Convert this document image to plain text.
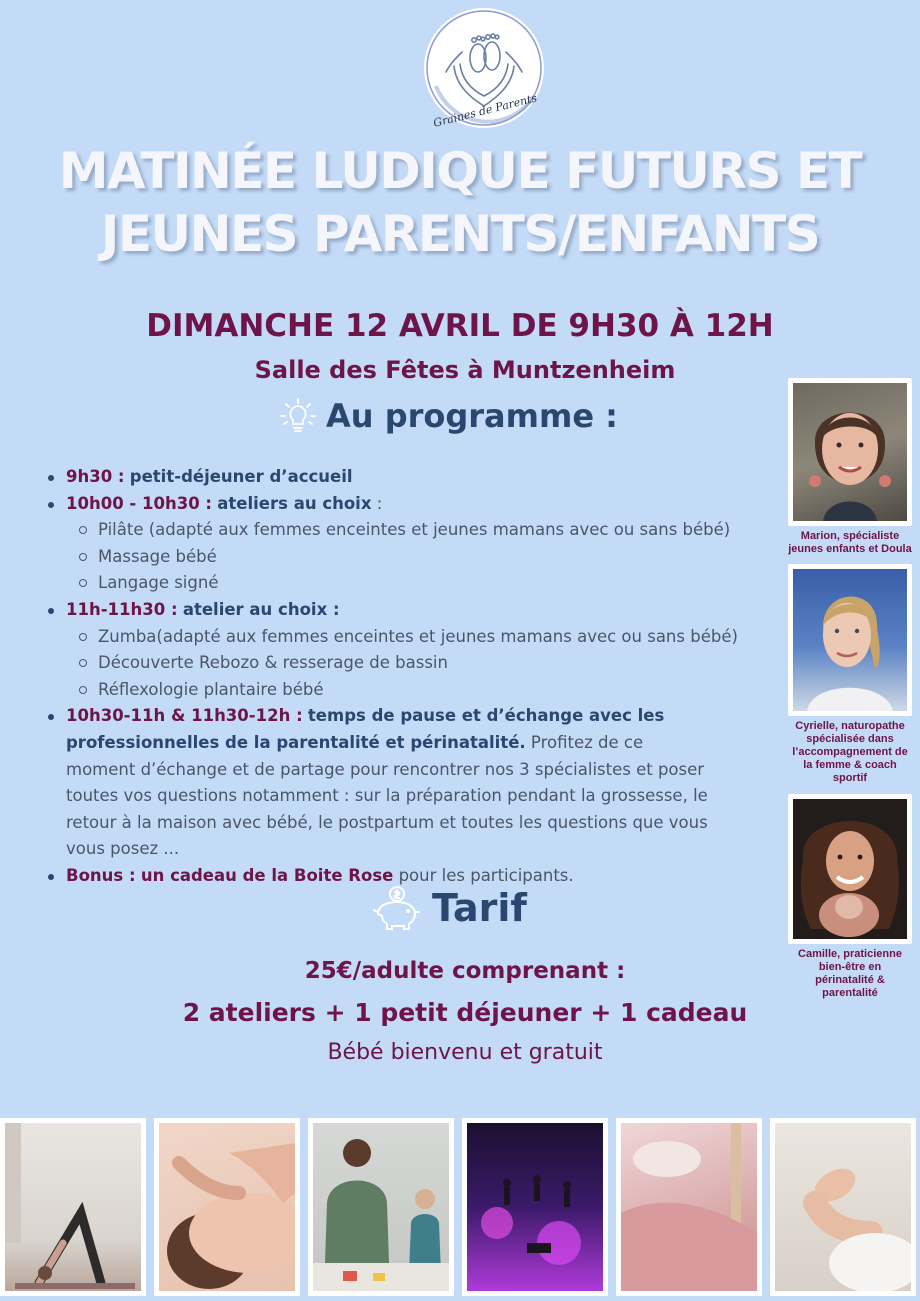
Graines de Parents
MATINÉE LUDIQUE FUTURS ET
JEUNES PARENTS/ENFANTS
DIMANCHE 12 AVRIL DE 9H30 À 12H
Salle des Fêtes à Muntzenheim
Au programme :
9h30 : petit-déjeuner d’accueil
10h00 - 10h30 : ateliers au choix :
Pilâte (adapté aux femmes enceintes et jeunes mamans avec ou sans bébé)
Massage bébé
Langage signé
11h-11h30 : atelier au choix :
Zumba(adapté aux femmes enceintes et jeunes mamans avec ou sans bébé)
Découverte Rebozo & resserage de bassin
Réflexologie plantaire bébé
10h30-11h & 11h30-12h : temps de pause et d’échange avec les professionnelles de la parentalité et périnatalité. Profitez de ce moment d’échange et de partage pour rencontrer nos 3 spécialistes et poser toutes vos questions notamment : sur la préparation pendant la grossesse, le retour à la maison avec bébé, le postpartum et toutes les questions que vous vous posez ...
Bonus : un cadeau de la Boite Rose pour les participants.
Tarif
25€/adulte comprenant :
2 ateliers + 1 petit déjeuner + 1 cadeau
Bébé bienvenu et gratuit
Marion, spécialiste jeunes enfants et Doula
Cyrielle, naturopathe spécialisée dans l’accompagnement de la femme & coach sportif
Camille, praticienne bien-être en périnatalité & parentalité
